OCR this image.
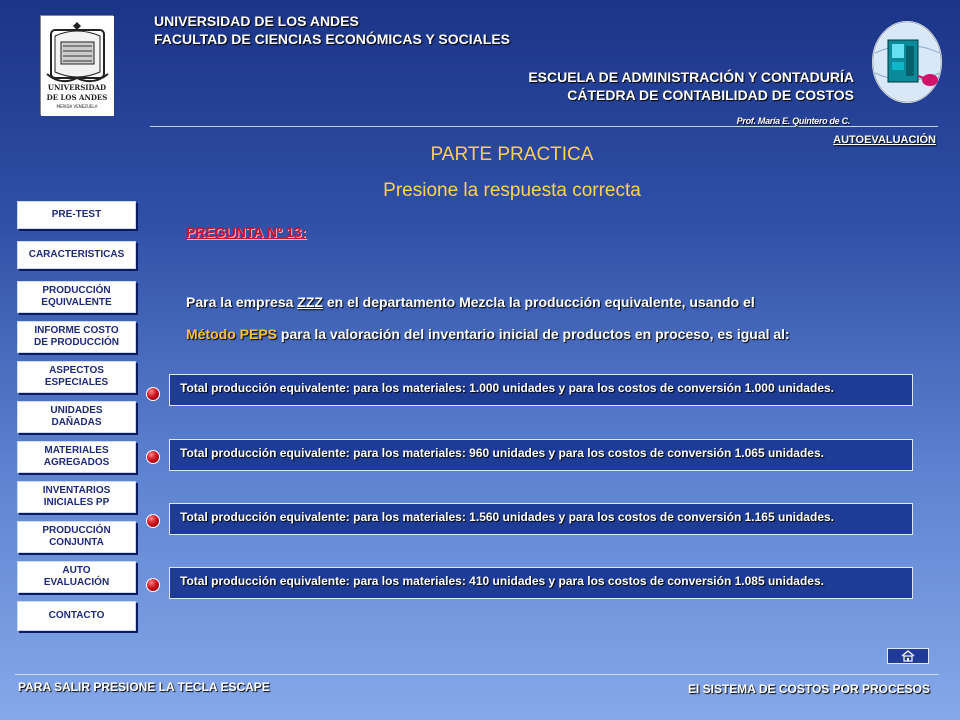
UNIVERSIDAD
DE LOS ANDES
MERIDA VENEZUELA
UNIVERSIDAD DE LOS ANDES
FACULTAD DE CIENCIAS ECONÓMICAS Y SOCIALES
ESCUELA DE ADMINISTRACIÓN Y CONTADURÍA
CÁTEDRA DE CONTABILIDAD DE COSTOS
Prof. María E. Quintero de C.
AUTOEVALUACIÓN
PARTE PRACTICA
Presione la respuesta correcta
PRE-TEST
CARACTERISTICAS
PRODUCCIÓN
EQUIVALENTE
INFORME COSTO
DE PRODUCCIÓN
ASPECTOS
ESPECIALES
UNIDADES
DAÑADAS
MATERIALES
AGREGADOS
INVENTARIOS
INICIALES PP
PRODUCCIÓN
CONJUNTA
AUTO
EVALUACIÓN
CONTACTO
PREGUNTA Nº 13:
Para la empresa ZZZ en el departamento Mezcla la producción equivalente, usando el
Método PEPS para la valoración del inventario inicial de productos en proceso, es igual al:
Total producción equivalente: para los materiales: 1.000 unidades y para los costos de conversión 1.000 unidades.
Total producción equivalente: para los materiales: 960 unidades y para los costos de conversión 1.065 unidades.
Total producción equivalente: para los materiales: 1.560 unidades y para los costos de conversión 1.165 unidades.
Total producción equivalente: para los materiales: 410 unidades y para los costos de conversión 1.085 unidades.
PARA SALIR PRESIONE LA TECLA ESCAPE	El SISTEMA DE COSTOS POR PROCESOS
